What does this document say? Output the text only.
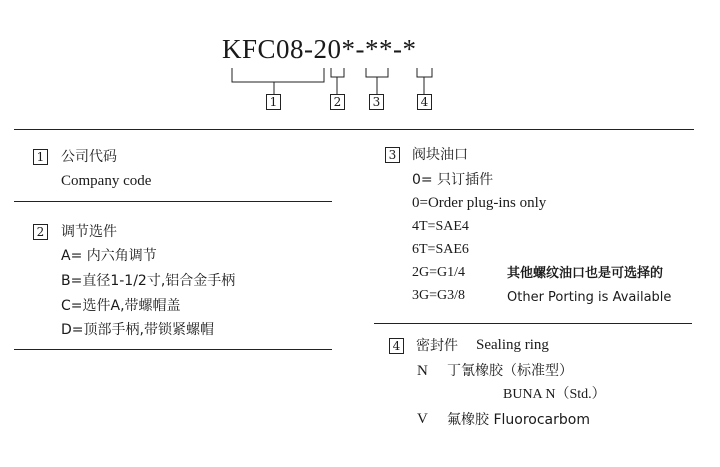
KFC08-20*-**-*
1	2	3	4
1 公司代码
Company code
2 调节选件
A= 内六角调节
B=直径1-1/2寸,铝合金手柄
C=选件A,带螺帽盖
D=顶部手柄,带锁紧螺帽
3 阀块油口
0= 只订插件
0=Order plug-ins only
4T=SAE4
6T=SAE6
2G=G1/4
3G=G3/8
其他螺纹油口也是可选择的
Other Porting is Available
4 密封件 Sealing ring
N 丁氰橡胶（标准型）
BUNA N（Std.）
V 氟橡胶 Fluorocarbom
